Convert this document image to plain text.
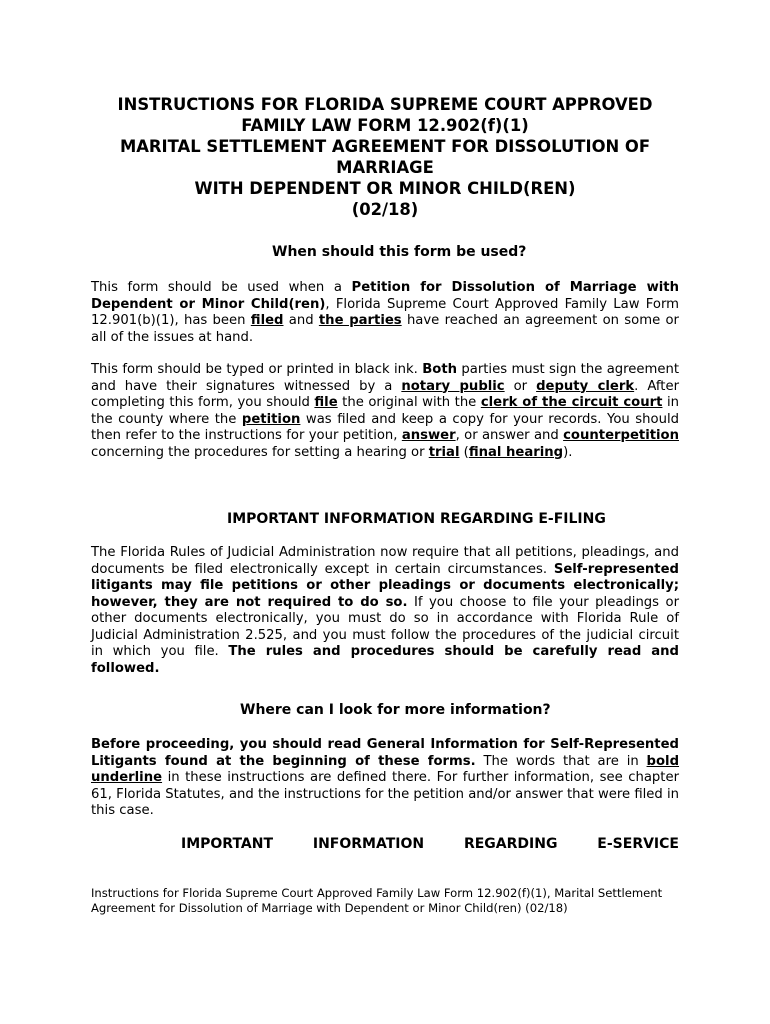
INSTRUCTIONS FOR FLORIDA SUPREME COURT APPROVED
FAMILY LAW FORM 12.902(f)(1)
MARITAL SETTLEMENT AGREEMENT FOR DISSOLUTION OF
MARRIAGE
WITH DEPENDENT OR MINOR CHILD(REN)
(02/18)
When should this form be used?

This form should be used when a Petition for Dissolution of Marriage with Dependent or Minor Child(ren), Florida Supreme Court Approved Family Law Form 12.901(b)(1), has been filed and the parties have reached an agreement on some or all of the issues at hand.

This form should be typed or printed in black ink. Both parties must sign the agreement and have their signatures witnessed by a notary public or deputy clerk. After completing this form, you should file the original with the clerk of the circuit court in the county where the petition was filed and keep a copy for your records. You should then refer to the instructions for your petition, answer, or answer and counterpetition concerning the procedures for setting a hearing or trial (final hearing).

IMPORTANT INFORMATION REGARDING E-FILING

The Florida Rules of Judicial Administration now require that all petitions, pleadings, and documents be filed electronically except in certain circumstances. Self-represented litigants may file petitions or other pleadings or documents electronically; however, they are not required to do so. If you choose to file your pleadings or other documents electronically, you must do so in accordance with Florida Rule of Judicial Administration 2.525, and you must follow the procedures of the judicial circuit in which you file. The rules and procedures should be carefully read and followed.

Where can I look for more information?

Before proceeding, you should read General Information for Self-Represented Litigants found at the beginning of these forms. The words that are in bold underline in these instructions are defined there. For further information, see chapter 61, Florida Statutes, and the instructions for the petition and/or answer that were filed in this case.

IMPORTANT	INFORMATION	REGARDING	E-SERVICE
Instructions for Florida Supreme Court Approved Family Law Form 12.902(f)(1), Marital Settlement Agreement for Dissolution of Marriage with Dependent or Minor Child(ren) (02/18)
